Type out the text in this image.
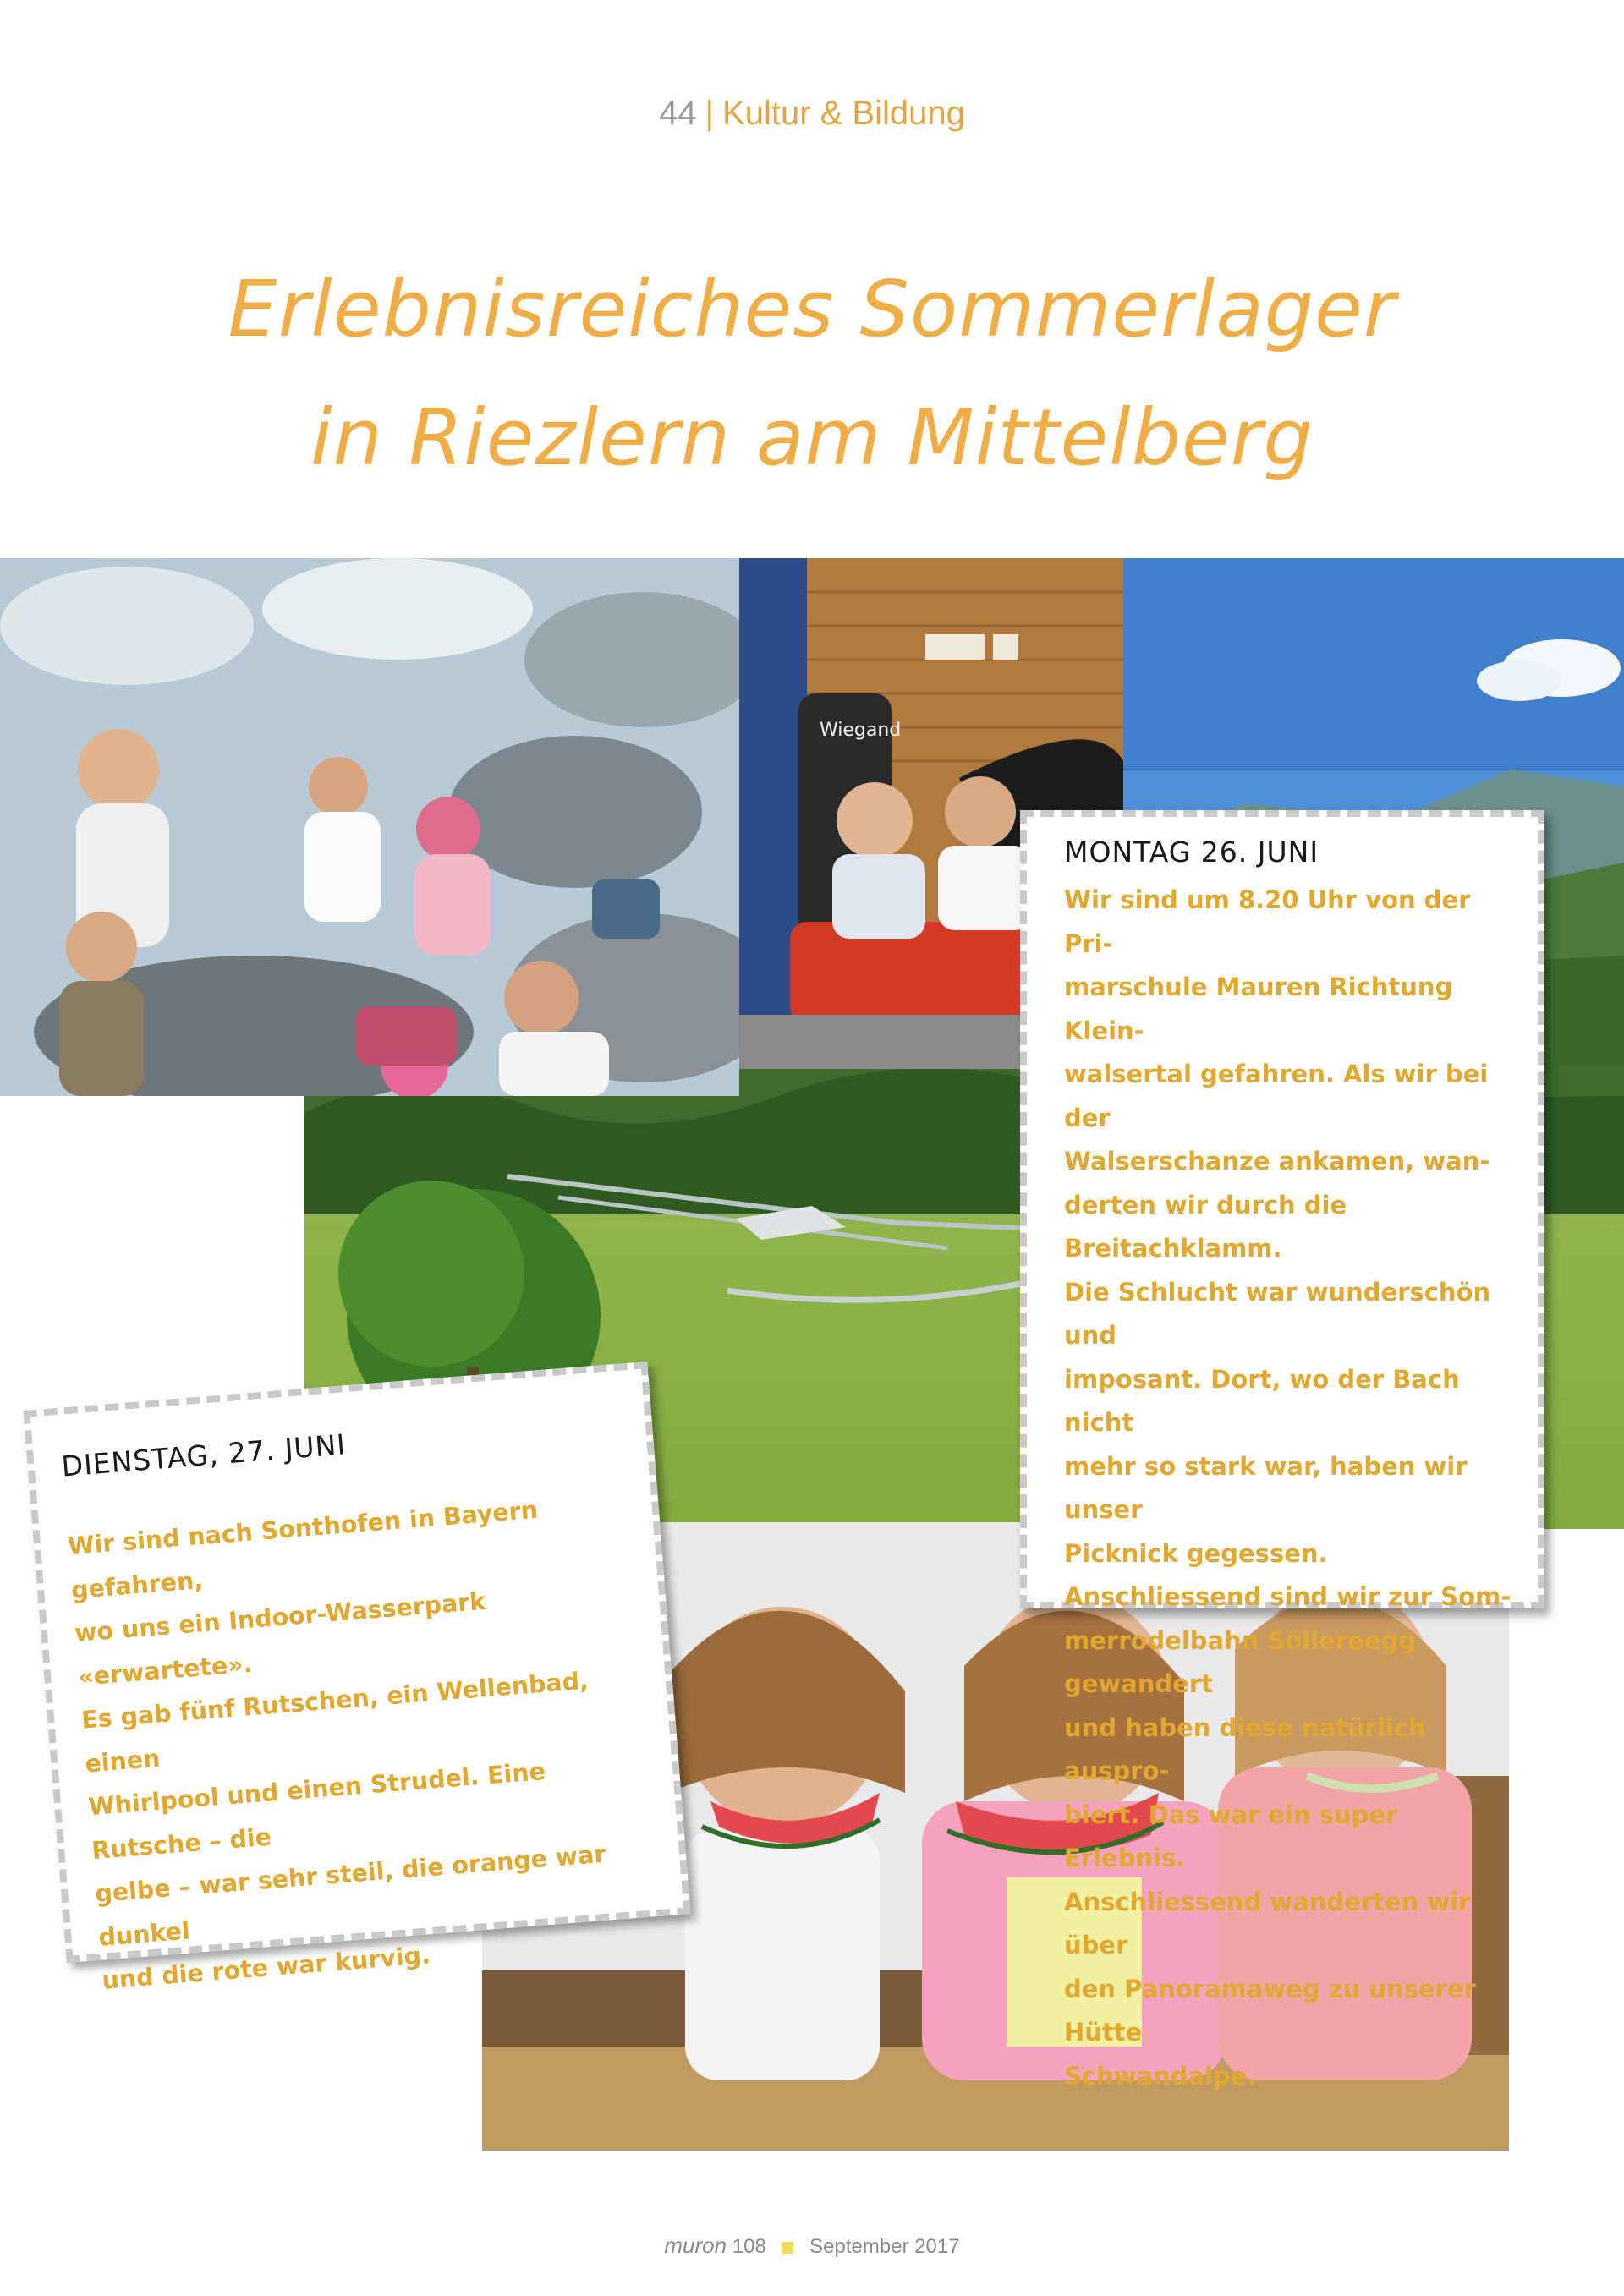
44 | Kultur & Bildung
Erlebnisreiches Sommerlager
in Riezlern am Mittelberg
Wiegand
MONTAG 26. JUNI
Wir sind um 8.20 Uhr von der Pri-
marschule Mauren Richtung Klein-
walsertal gefahren. Als wir bei der
Walserschanze ankamen, wan-
derten wir durch die Breitachklamm.
Die Schlucht war wunderschön und
imposant. Dort, wo der Bach nicht
mehr so stark war, haben wir unser
Picknick gegessen.
Anschliessend sind wir zur Som-
merrodelbahn Söllereegg gewandert
und haben diese natürlich auspro-
biert. Das war ein super Erlebnis.
Anschliessend wanderten wir über
den Panoramaweg zu unserer Hütte
Schwandalpe.
DIENSTAG, 27. JUNI
Wir sind nach Sonthofen in Bayern gefahren,
wo uns ein Indoor-Wasserpark «erwartete».
Es gab fünf Rutschen, ein Wellenbad, einen
Whirlpool und einen Strudel. Eine Rutsche – die
gelbe – war sehr steil, die orange war dunkel
und die rote war kurvig.
muron 108 September 2017
